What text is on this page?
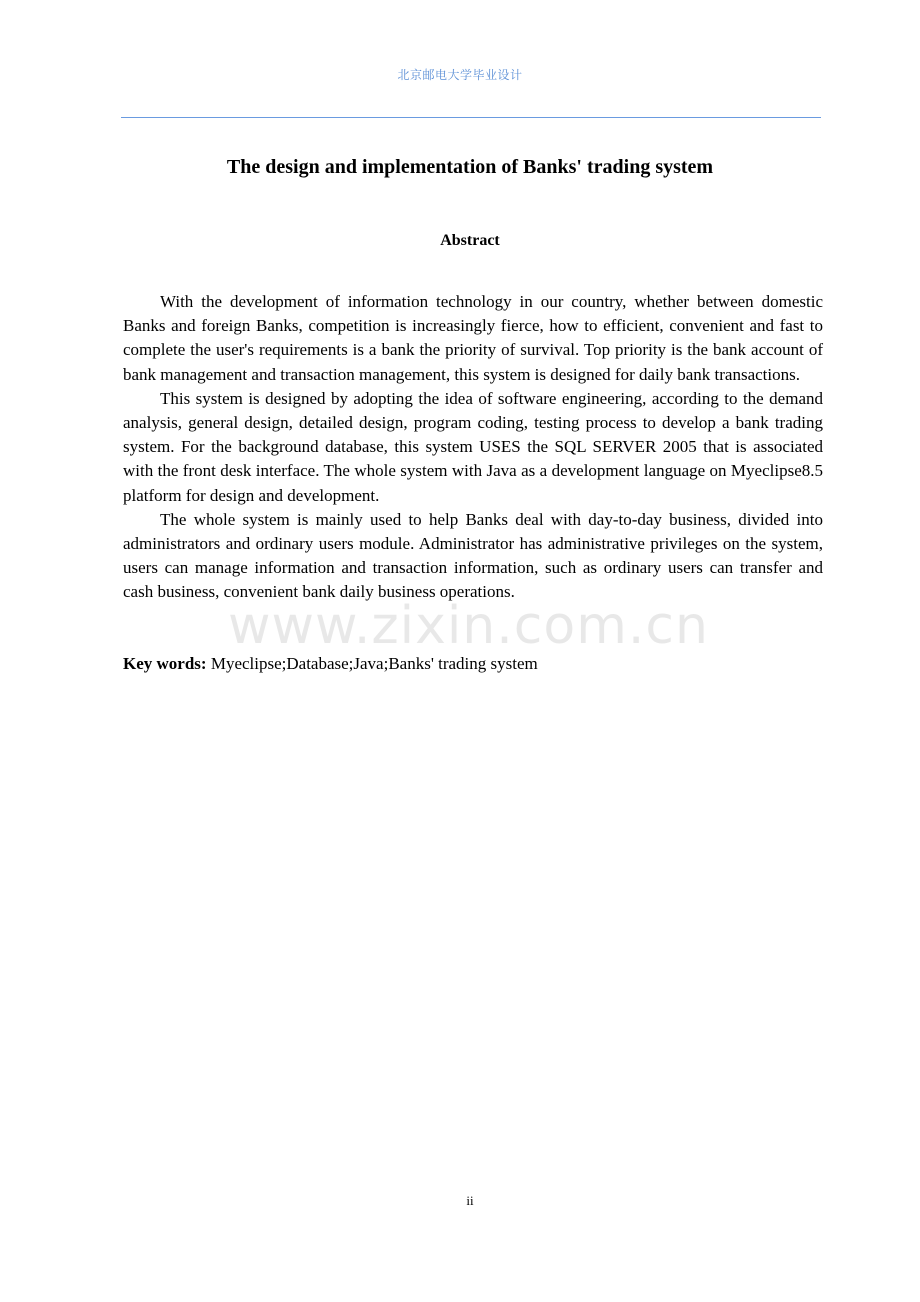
北京邮电大学毕业设计
The design and implementation of Banks' trading system
Abstract

With the development of information technology in our country, whether between domestic Banks and foreign Banks, competition is increasingly fierce, how to efficient, convenient and fast to complete the user's requirements is a bank the priority of survival. Top priority is the bank account of bank management and transaction management, this system is designed for daily bank transactions.

This system is designed by adopting the idea of software engineering, according to the demand analysis, general design, detailed design, program coding, testing process to develop a bank trading system. For the background database, this system USES the SQL SERVER 2005 that is associated with the front desk interface. The whole system with Java as a development language on Myeclipse8.5 platform for design and development.

The whole system is mainly used to help Banks deal with day-to-day business, divided into administrators and ordinary users module. Administrator has administrative privileges on the system, users can manage information and transaction information, such as ordinary users can transfer and cash business, convenient bank daily business operations.

Key words: Myeclipse;Database;Java;Banks' trading system
www.zixin.com.cn
ii
